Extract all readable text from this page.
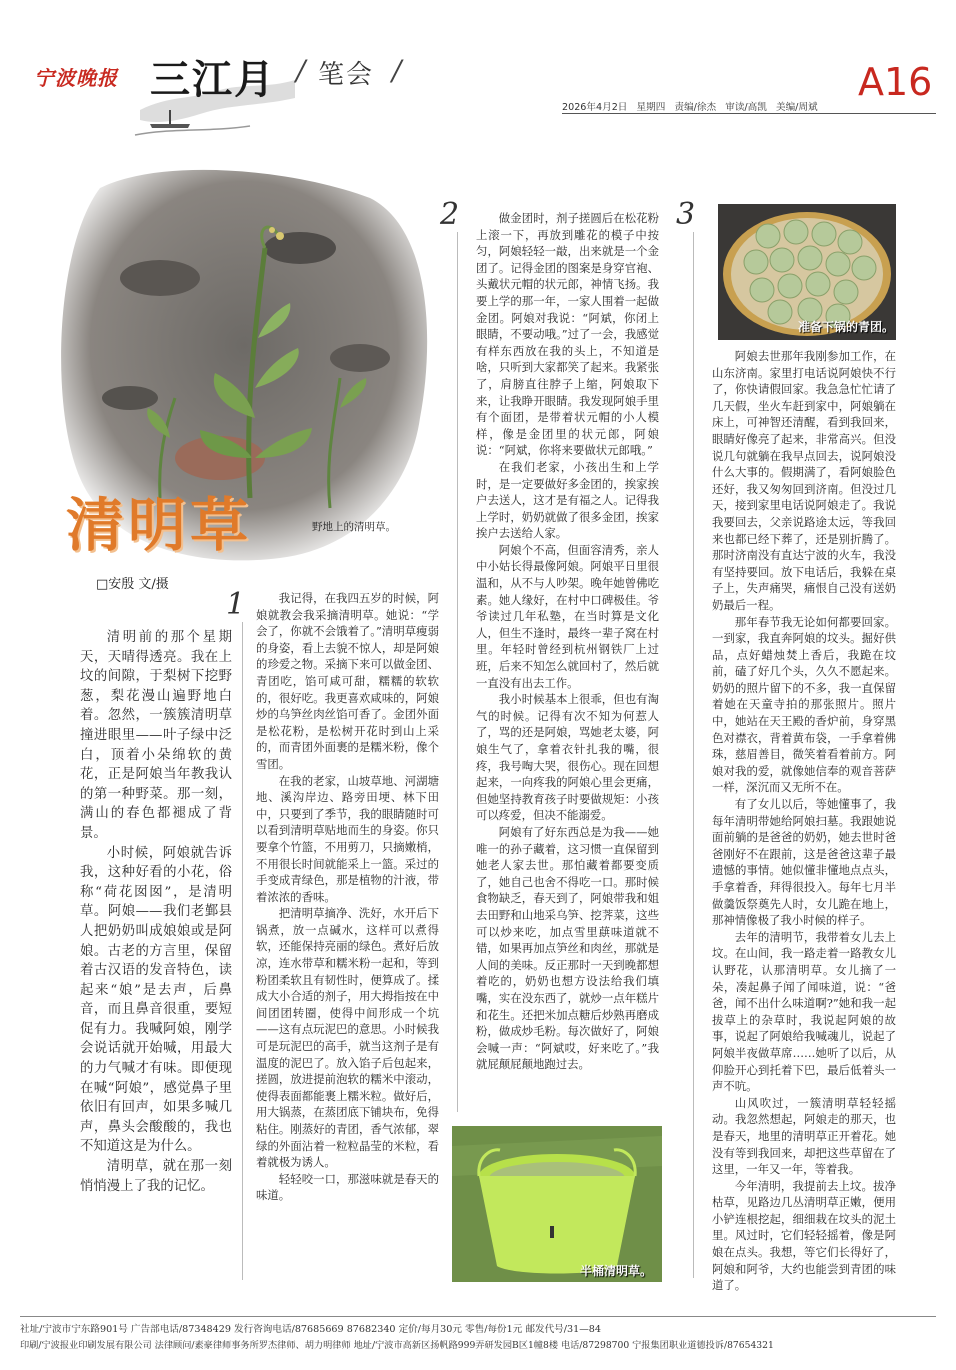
宁波晚报 三江月 / 笔会 /	A16
2026年4月2日   星期四   责编/徐杰   审读/高凯   美编/周斌
野地上的清明草。
清明草
□安殷 文/摄

清明前的那个星期天，天晴得透亮。我在上坟的间隙，于梨树下挖野葱，梨花漫山遍野地白着。忽然，一簇簇清明草撞进眼里——叶子绿中泛白，顶着小朵绵软的黄花，正是阿娘当年教我认的第一种野菜。那一刻，满山的春色都褪成了背景。

小时候，阿娘就告诉我，这种好看的小花，俗称“荷花囡囡”，是清明草。阿娘——我们老鄞县人把奶奶叫成娘娘或是阿娘。古老的方言里，保留着古汉语的发音特色，读起来“娘”是去声，后鼻音，而且鼻音很重，要短促有力。我喊阿娘，刚学会说话就开始喊，用最大的力气喊才有味。即便现在喊“阿娘”，感觉鼻子里依旧有回声，如果多喊几声，鼻头会酸酸的，我也不知道这是为什么。

清明草，就在那一刻悄悄漫上了我的记忆。

1	我记得，在我四五岁的时候，阿娘就教会我采摘清明草。她说：“学会了，你就不会饿着了。”清明草瘦弱的身姿，看上去貌不惊人，却是阿娘的珍爱之物。采摘下来可以做金团、青团吃，馅可咸可甜，糯糯的软软的，很好吃。我更喜欢咸味的，阿娘炒的乌笋丝肉丝馅可香了。金团外面是松花粉，是松树开花时到山上采的，而青团外面裹的是糯米粉，像个雪团。

在我的老家，山坡草地、河湖塘地、溪沟岸边、路旁田埂、林下田中，只要到了季节，我的眼睛随时可以看到清明草贴地而生的身姿。你只要拿个竹篮，不用剪刀，只摘嫩梢，不用很长时间就能采上一篮。采过的手变成青绿色，那是植物的汁液，带着浓浓的香味。

把清明草摘净、洗好，水开后下锅煮，放一点碱水，这样可以煮得软，还能保持亮丽的绿色。煮好后放凉，连水带草和糯米粉一起和，等到粉团柔软且有韧性时，便算成了。揉成大小合适的剂子，用大拇指按在中间团团转圈，使得中间形成一个坑——这有点玩泥巴的意思。小时候我可是玩泥巴的高手，就当这剂子是有温度的泥巴了。放入馅子后包起来，搓圆，放进提前泡软的糯米中滚动，使得表面都能裹上糯米粒。做好后，用大锅蒸，在蒸团底下铺块布，免得粘住。刚蒸好的青团，香气浓郁，翠绿的外面沾着一粒粒晶莹的米粒，看着就极为诱人。

轻轻咬一口，那滋味就是春天的味道。

2	做金团时，剂子搓圆后在松花粉上滚一下，再放到雕花的模子中按匀，阿娘轻轻一敲，出来就是一个金团了。记得金团的图案是身穿官袍、头戴状元帽的状元郎，神情飞扬。我要上学的那一年，一家人围着一起做金团。阿娘对我说：“阿斌，你闭上眼睛，不要动哦。”过了一会，我感觉有样东西放在我的头上，不知道是啥，只听到大家都笑了起来。我紧张了，肩膀直往脖子上缩，阿娘取下来，让我睁开眼睛。我发现阿娘手里有个面团，是带着状元帽的小人模样，像是金团里的状元郎，阿娘说：“阿斌，你将来要做状元郎哦。”

在我们老家，小孩出生和上学时，是一定要做好多金团的，挨家挨户去送人，这才是有福之人。记得我上学时，奶奶就做了很多金团，挨家挨户去送给人家。

阿娘个不高，但面容清秀，亲人中小姑长得最像阿娘。阿娘平日里很温和，从不与人吵架。晚年她曾佛吃素。她人缘好，在村中口碑极佳。爷爷读过几年私塾，在当时算是文化人，但生不逢时，最终一辈子窝在村里。年轻时曾经到杭州钢铁厂上过班，后来不知怎么就回村了，然后就一直没有出去工作。

我小时候基本上很乖，但也有淘气的时候。记得有次不知为何惹人了，骂的还是阿娘，骂她老太婆，阿娘生气了，拿着衣针扎我的嘴，很疼，我号啕大哭，很伤心。现在回想起来，一向疼我的阿娘心里会更痛，但她坚持教育孩子时要做规矩：小孩可以疼爱，但决不能溺爱。

阿娘有了好东西总是为我——她唯一的孙子藏着，这习惯一直保留到她老人家去世。那怕藏着都要变质了，她自己也舍不得吃一口。那时候食物缺乏，春天到了，阿娘带我和姐去田野和山地采乌笋、挖荠菜，这些可以炒来吃，加点雪里蕻味道就不错，如果再加点笋丝和肉丝，那就是人间的美味。反正那时一天到晚都想着吃的，奶奶也想方设法给我们填嘴，实在没东西了，就炒一点年糕片和花生。还把米加点糖后炒熟再磨成粉，做成炒毛粉。每次做好了，阿娘会喊一声：“阿斌哎，好来吃了。”我就屁颠屁颠地跑过去。

半桶清明草。
3
准备下锅的青团。

阿娘去世那年我刚参加工作，在山东济南。家里打电话说阿娘快不行了，你快请假回家。我急急忙忙请了几天假，坐火车赶到家中，阿娘躺在床上，可神智还清醒，看到我回来，眼睛好像亮了起来，非常高兴。但没说几句就躺在我早点回去，说阿娘没什么大事的。假期满了，看阿娘脸色还好，我又匆匆回到济南。但没过几天，接到家里电话说阿娘走了。我说我要回去，父亲说路途太远，等我回来也都已经下葬了，还是别折腾了。那时济南没有直达宁波的火车，我没有坚持要回。放下电话后，我躲在桌子上，失声痛哭，痛恨自己没有送奶奶最后一程。

那年春节我无论如何都要回家。一到家，我直奔阿娘的坟头。掘好供品，点好蜡烛焚上香后，我跪在坟前，磕了好几个头，久久不愿起来。奶奶的照片留下的不多，我一直保留着她在天童寺拍的那张照片。照片中，她站在天王殿的香炉前，身穿黑色对襟衣，背着黄布袋，一手拿着佛珠，慈眉善目，微笑着看着前方。阿娘对我的爱，就像她信奉的观音菩萨一样，深沉而又无所不在。

有了女儿以后，等她懂事了，我每年清明带她给阿娘扫墓。我跟她说面前躺的是爸爸的奶奶，她去世时爸爸刚好不在跟前，这是爸爸这辈子最遗憾的事情。她似懂非懂地点点头，手拿着香，拜得很投入。每年七月半做羹饭祭奠先人时，女儿跪在地上，那神情像极了我小时候的样子。

去年的清明节，我带着女儿去上坟。在山间，我一路走着一路教女儿认野花，认那清明草。女儿摘了一朵，凑起鼻子闻了闻味道，说：“爸爸，闻不出什么味道啊?”她和我一起拔草上的杂草时，我说起阿娘的故事，说起了阿娘给我喊魂儿，说起了阿娘半夜做草席……她听了以后，从仰脸开心到托着下巴，最后低着头一声不吭。

山风吹过，一簇清明草轻轻摇动。我忽然想起，阿娘走的那天，也是春天，地里的清明草正开着花。她没有等到我回来，却把这些草留在了这里，一年又一年，等着我。

今年清明，我提前去上坟。拔净枯草，见路边几丛清明草正嫩，便用小铲连根挖起，细细栽在坟头的泥土里。风过时，它们轻轻摇着，像是阿娘在点头。我想，等它们长得好了，阿娘和阿爷，大约也能尝到青团的味道了。

社址/宁波市宁东路901号 广告部电话/87348429 发行咨询电话/87685669 87682340 定价/每月30元 零售/每份1元 邮发代号/31—84
印刷/宁波报业印刷发展有限公司 法律顾问/素豪律师事务所罗杰律师、胡力明律师 地址/宁波市高新区扬帆路999弄研发园B区1幢8楼 电话/87298700 宁报集团职业道德投诉/87654321
